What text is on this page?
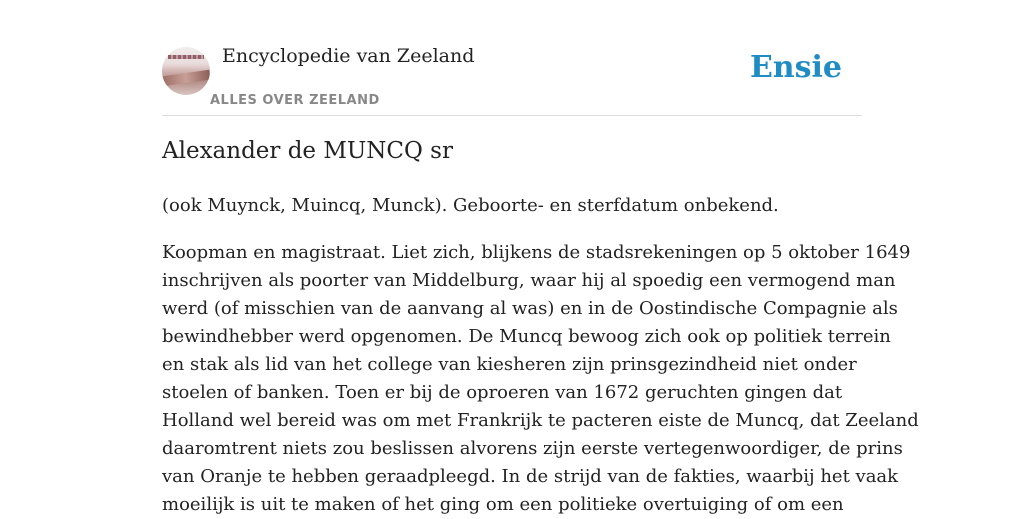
Encyclopedie van Zeeland
ALLES OVER ZEELAND
Ensie
Alexander de MUNCQ sr

(ook Muynck, Muincq, Munck). Geboorte- en sterfdatum onbekend.

Koopman en magistraat. Liet zich, blijkens de stadsrekeningen op 5 oktober 1649
inschrijven als poorter van Middelburg, waar hij al spoedig een vermogend man
werd (of misschien van de aanvang al was) en in de Oostindische Compagnie als
bewindhebber werd opgenomen. De Muncq bewoog zich ook op politiek terrein
en stak als lid van het college van kiesheren zijn prinsgezindheid niet onder
stoelen of banken. Toen er bij de oproeren van 1672 geruchten gingen dat
Holland wel bereid was om met Frankrijk te pacteren eiste de Muncq, dat Zeeland
daaromtrent niets zou beslissen alvorens zijn eerste vertegenwoordiger, de prins
van Oranje te hebben geraadpleegd. In de strijd van de fakties, waarbij het vaak
moeilijk is uit te maken of het ging om een politieke overtuiging of om een
